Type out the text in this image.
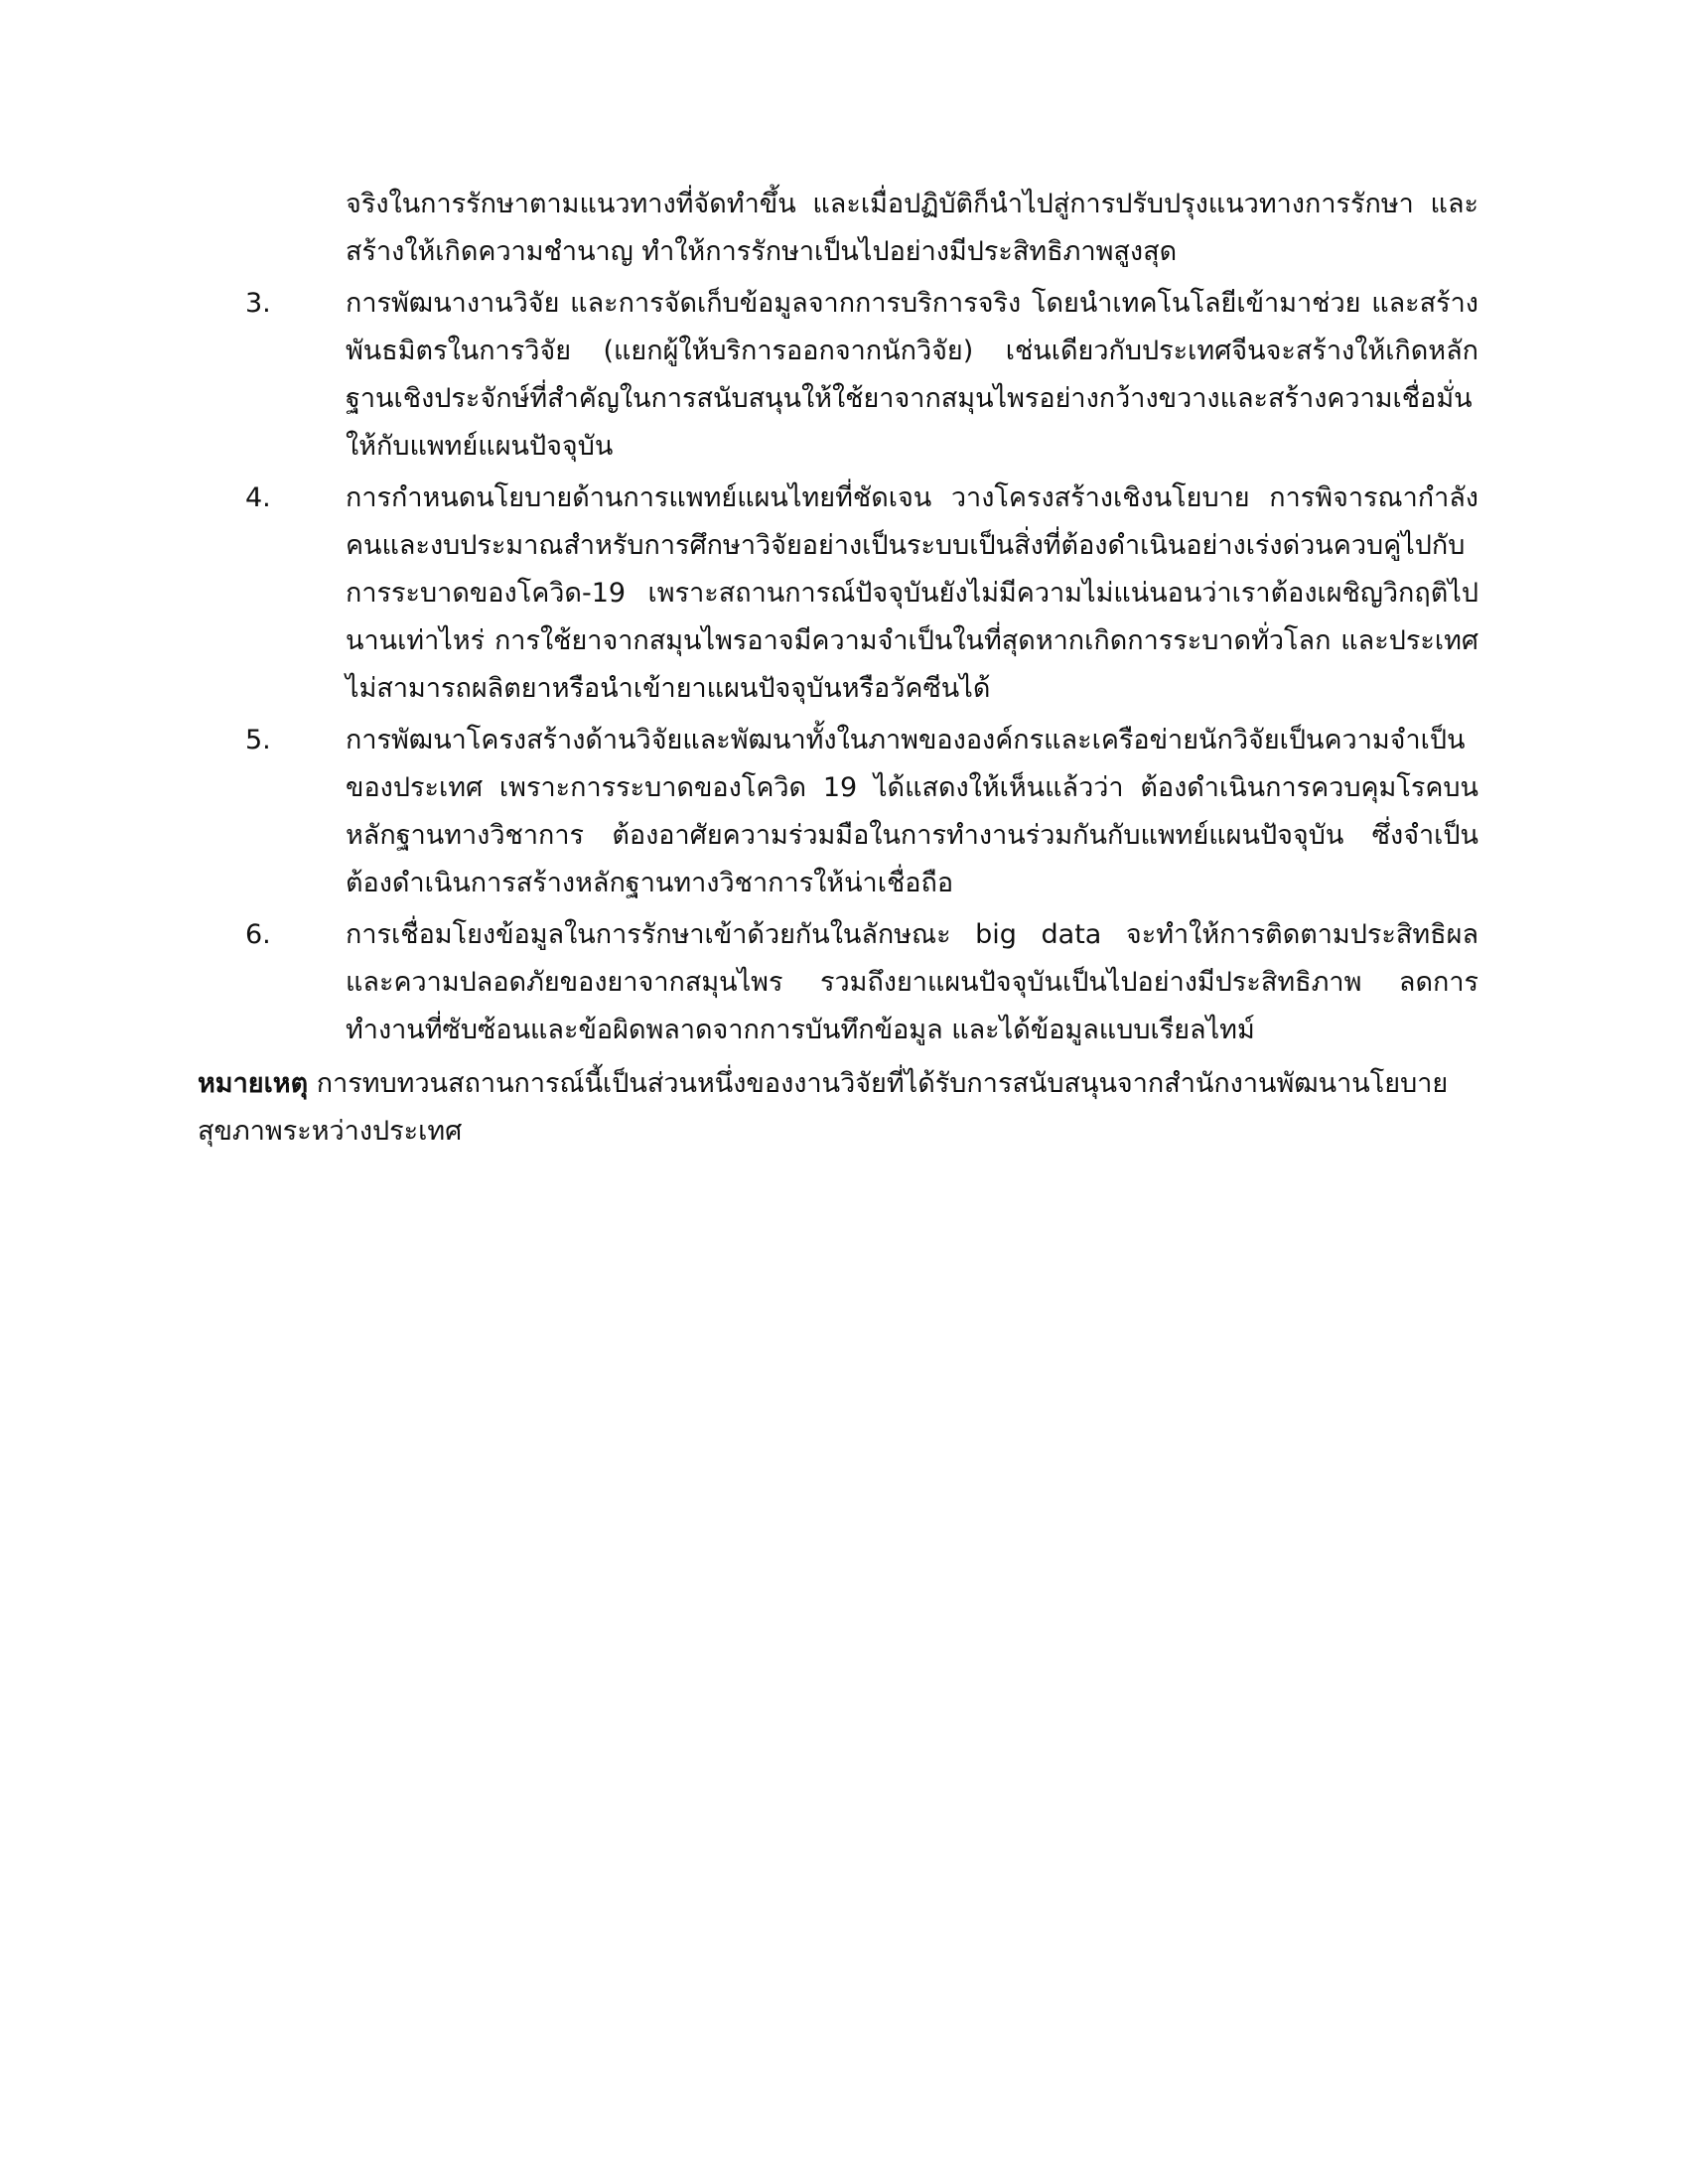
จริงในการรักษาตามแนวทางที่จัดทำขึ้น และเมื่อปฏิบัติก็นำไปสู่การปรับปรุงแนวทางการรักษา และสร้างให้เกิดความชำนาญ ทำให้การรักษาเป็นไปอย่างมีประสิทธิภาพสูงสุด

3.	การพัฒนางานวิจัย และการจัดเก็บข้อมูลจากการบริการจริง โดยนำเทคโนโลยีเข้ามาช่วย และสร้างพันธมิตรในการวิจัย (แยกผู้ให้บริการออกจากนักวิจัย) เช่นเดียวกับประเทศจีนจะสร้างให้เกิดหลักฐานเชิงประจักษ์ที่สำคัญในการสนับสนุนให้ใช้ยาจากสมุนไพรอย่างกว้างขวางและสร้างความเชื่อมั่นให้กับแพทย์แผนปัจจุบัน
4.	การกำหนดนโยบายด้านการแพทย์แผนไทยที่ชัดเจน วางโครงสร้างเชิงนโยบาย การพิจารณากำลังคนและงบประมาณสำหรับการศึกษาวิจัยอย่างเป็นระบบเป็นสิ่งที่ต้องดำเนินอย่างเร่งด่วนควบคู่ไปกับการระบาดของโควิด-19 เพราะสถานการณ์ปัจจุบันยังไม่มีความไม่แน่นอนว่าเราต้องเผชิญวิกฤติไปนานเท่าไหร่ การใช้ยาจากสมุนไพรอาจมีความจำเป็นในที่สุดหากเกิดการระบาดทั่วโลก และประเทศไม่สามารถผลิตยาหรือนำเข้ายาแผนปัจจุบันหรือวัคซีนได้
5.	การพัฒนาโครงสร้างด้านวิจัยและพัฒนาทั้งในภาพขององค์กรและเครือข่ายนักวิจัยเป็นความจำเป็นของประเทศ เพราะการระบาดของโควิด 19 ได้แสดงให้เห็นแล้วว่า ต้องดำเนินการควบคุมโรคบนหลักฐานทางวิชาการ ต้องอาศัยความร่วมมือในการทำงานร่วมกันกับแพทย์แผนปัจจุบัน ซึ่งจำเป็นต้องดำเนินการสร้างหลักฐานทางวิชาการให้น่าเชื่อถือ
6.	การเชื่อมโยงข้อมูลในการรักษาเข้าด้วยกันในลักษณะ big data จะทำให้การติดตามประสิทธิผลและความปลอดภัยของยาจากสมุนไพร รวมถึงยาแผนปัจจุบันเป็นไปอย่างมีประสิทธิภาพ ลดการทำงานที่ซับซ้อนและข้อผิดพลาดจากการบันทึกข้อมูล และได้ข้อมูลแบบเรียลไทม์

หมายเหตุ การทบทวนสถานการณ์นี้เป็นส่วนหนึ่งของงานวิจัยที่ได้รับการสนับสนุนจากสำนักงานพัฒนานโยบายสุขภาพระหว่างประเทศ
